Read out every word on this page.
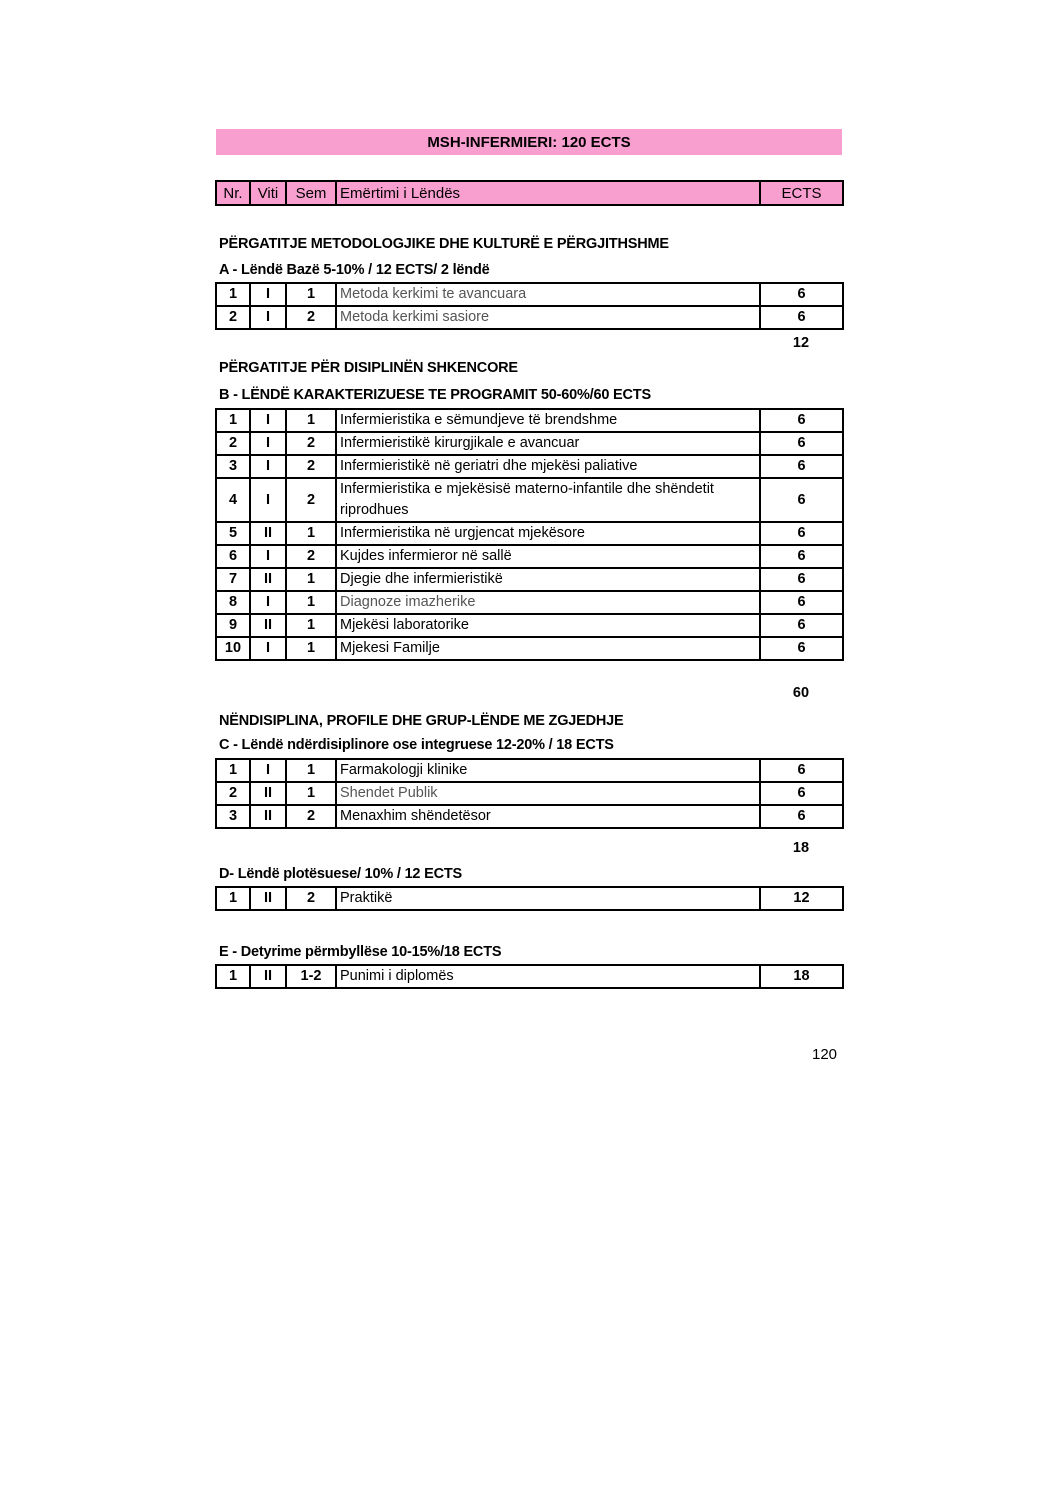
MSH-INFERMIERI: 120 ECTS
Nr.	Viti	Sem	Emërtimi i Lëndës	ECTS
PËRGATITJE METODOLOGJIKE DHE KULTURË E PËRGJITHSHME
A - Lëndë Bazë 5-10% / 12 ECTS/ 2 lëndë
1	I	1	Metoda kerkimi te avancuara	6
2	I	2	Metoda kerkimi sasiore	6
12
PËRGATITJE PËR DISIPLINËN SHKENCORE
B - LËNDË KARAKTERIZUESE TE PROGRAMIT 50-60%/60 ECTS
1	I	1	Infermieristika e sëmundjeve të brendshme	6
2	I	2	Infermieristikë kirurgjikale e avancuar	6
3	I	2	Infermieristikë në geriatri dhe mjekësi paliative	6
4	I	2	Infermieristika e mjekësisë materno-infantile dhe shëndetit riprodhues	6
5	II	1	Infermieristika në urgjencat mjekësore	6
6	I	2	Kujdes infermieror në sallë	6
7	II	1	Djegie dhe infermieristikë	6
8	I	1	Diagnoze imazherike	6
9	II	1	Mjekësi laboratorike	6
10	I	1	Mjekesi Familje	6
60
NËNDISIPLINA, PROFILE DHE GRUP-LËNDE ME ZGJEDHJE
C - Lëndë ndërdisiplinore ose integruese 12-20% / 18 ECTS
1	I	1	Farmakologji klinike	6
2	II	1	Shendet Publik	6
3	II	2	Menaxhim shëndetësor	6
18
D- Lëndë plotësuese/ 10% / 12 ECTS
1	II	2	Praktikë	12
E - Detyrime përmbyllëse 10-15%/18 ECTS
1	II	1-2	Punimi i diplomës	18
120
